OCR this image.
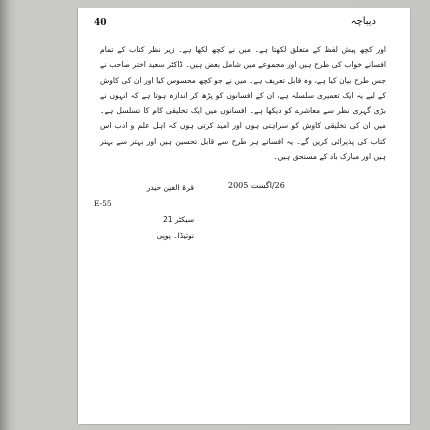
40	دیباچہ

اور کچھ پیش لفظ کے متعلق لکھتا ہے۔ میں نے کچھ لکھا ہے۔ زیر نظر کتاب کے تمام افسانے خواب کی طرح ہیں اور مجموعے میں شامل بعض ہیں۔ ڈاکٹر سعید اختر صاحب نے جس طرح بیان کیا ہے، وہ قابل تعریف ہے۔ میں نے جو کچھ محسوس کیا اور ان کی کاوش کے لیے یہ ایک تعمیری سلسلہ ہے، ان کے افسانوں کو پڑھ کر اندازہ ہوتا ہے کہ انہوں نے بڑی گہری نظر سے معاشرے کو دیکھا ہے۔ افسانوں میں ایک تخلیقی کام کا تسلسل ہے۔ میں ان کی تخلیقی کاوش کو سراہتی ہوں اور امید کرتی ہوں کہ اہل علم و ادب اس کتاب کی پذیرائی کریں گے۔ یہ افسانے ہر طرح سے قابل تحسین ہیں اور بہتر سے بہتر ہیں اور مبارک باد کے مستحق ہیں۔

26/اگست 2005
قرۃ العین حیدر
E-55
سیکٹر 21
نوئیڈا۔ یوپی
